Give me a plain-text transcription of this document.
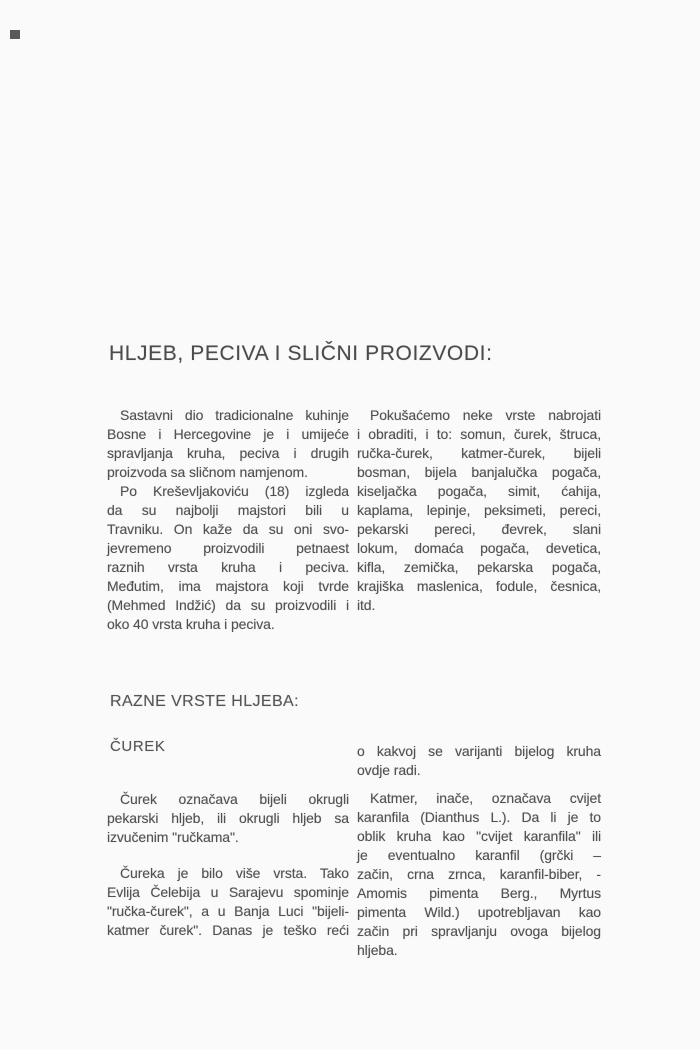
HLJEB, PECIVA I SLIČNI PROIZVODI:
Sastavni dio tradicionalne kuhinje
Bosne i Hercegovine je i umijeće
spravljanja kruha, peciva i drugih
proizvoda sa sličnom namjenom.
Po Kreševljakoviću (18) izgleda
da su najbolji majstori bili u
Travniku. On kaže da su oni svo-
jevremeno proizvodili petnaest
raznih vrsta kruha i peciva.
Međutim, ima majstora koji tvrde
(Mehmed Indžić) da su proizvodili i
oko 40 vrsta kruha i peciva.
Pokušaćemo neke vrste nabrojati
i obraditi, i to: somun, čurek, štruca,
ručka-čurek, katmer-čurek, bijeli
bosman, bijela banjalučka pogača,
kiseljačka pogača, simit, ćahija,
kaplama, lepinje, peksimeti, pereci,
pekarski pereci, đevrek, slani
lokum, domaća pogača, devetica,
kifla, zemička, pekarska pogača,
krajiška maslenica, fodule, česnica,
itd.
RAZNE VRSTE HLJEBA:
ČUREK
Čurek označava bijeli okrugli
pekarski hljeb, ili okrugli hljeb sa
izvučenim "ručkama".
Čureka je bilo više vrsta. Tako
Evlija Čelebija u Sarajevu spominje
"ručka-čurek", a u Banja Luci "bijeli-
katmer čurek". Danas je teško reći
o kakvoj se varijanti bijelog kruha
ovdje radi.
Katmer, inače, označava cvijet
karanfila (Dianthus L.). Da li je to
oblik kruha kao "cvijet karanfila" ili
je eventualno karanfil (grčki –
začin, crna zrnca, karanfil-biber, -
Amomis pimenta Berg., Myrtus
pimenta Wild.) upotrebljavan kao
začin pri spravljanju ovoga bijelog
hljeba.
